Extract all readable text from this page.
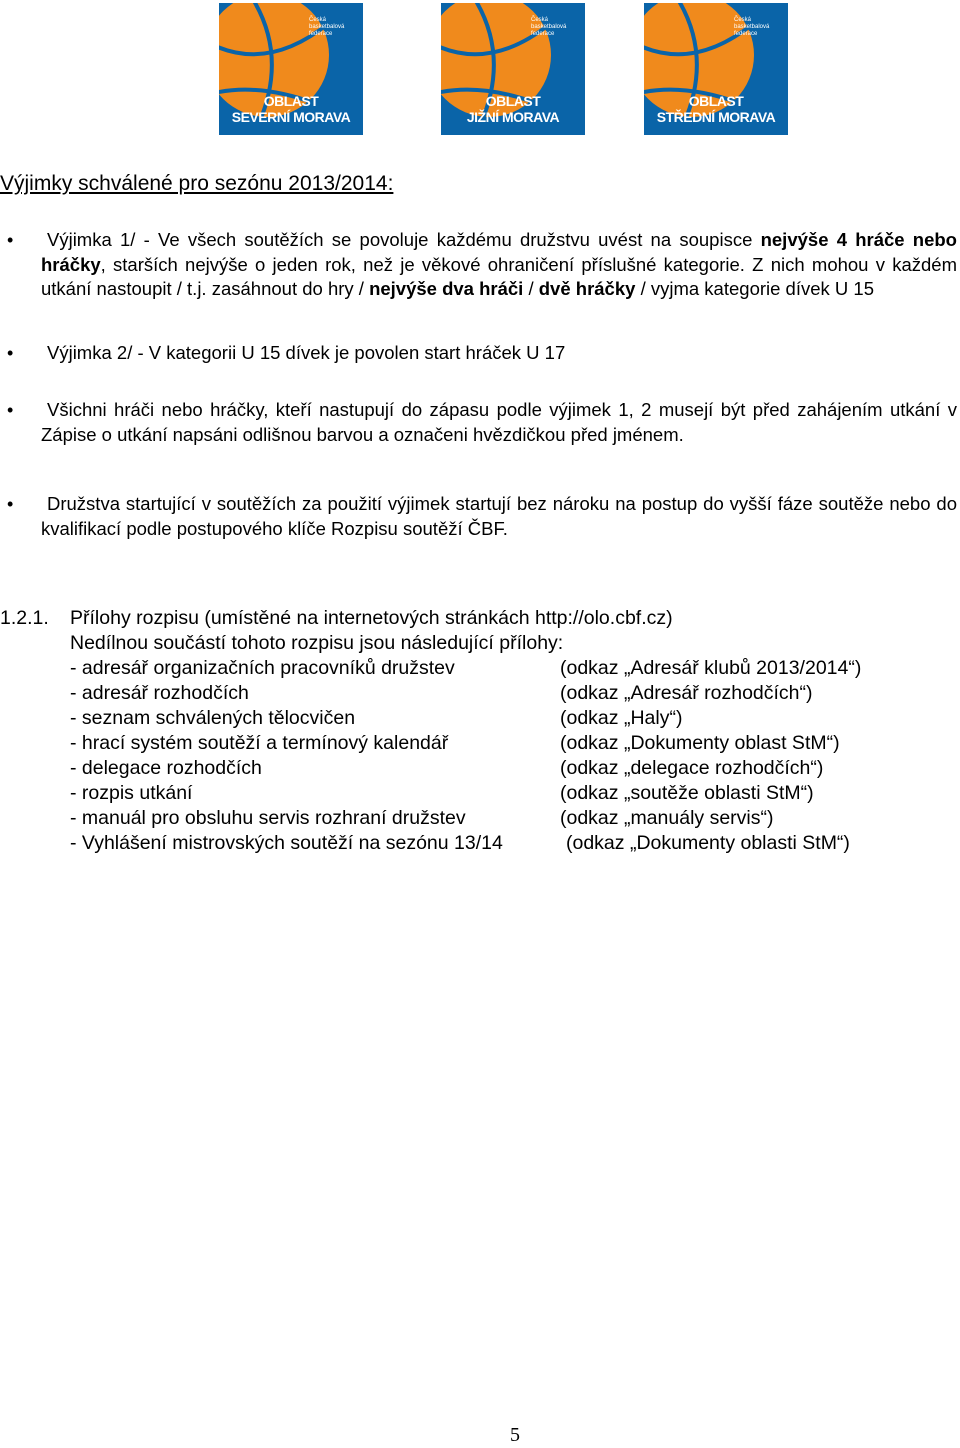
Česká basketbalová federace
OBLAST
SEVERNÍ MORAVA
Česká basketbalová federace
OBLAST
JIŽNÍ MORAVA
Česká basketbalová federace
OBLAST
STŘEDNÍ MORAVA
Výjimky schválené pro sezónu 2013/2014:
•	Výjimka 1/ - Ve všech soutěžích se povoluje každému družstvu uvést na soupisce nejvýše 4 hráče nebo hráčky, starších nejvýše o jeden rok, než je věkové ohraničení příslušné kategorie. Z nich mohou v každém utkání nastoupit / t.j. zasáhnout do hry / nejvýše dva hráči / dvě hráčky / vyjma kategorie dívek U 15
•	Výjimka 2/ - V kategorii U 15 dívek je povolen start hráček U 17
•	Všichni hráči nebo hráčky, kteří nastupují do zápasu podle výjimek 1, 2 musejí být před zahájením utkání v Zápise o utkání napsáni odlišnou barvou a označeni hvězdičkou před jménem.
•	Družstva startující v soutěžích za použití výjimek startují bez nároku na postup do vyšší fáze soutěže nebo do kvalifikací podle postupového klíče Rozpisu soutěží ČBF.
1.2.1. Přílohy rozpisu (umístěné na internetových stránkách http://olo.cbf.cz)
Nedílnou součástí tohoto rozpisu jsou následující přílohy:
- adresář organizačních pracovníků družstev	(odkaz „Adresář klubů 2013/2014“)
- adresář rozhodčích	(odkaz „Adresář rozhodčích“)
- seznam schválených tělocvičen	(odkaz „Haly“)
- hrací systém soutěží a termínový kalendář	(odkaz „Dokumenty oblast StM“)
- delegace rozhodčích	(odkaz „delegace rozhodčích“)
- rozpis utkání	(odkaz „soutěže oblasti StM“)
- manuál pro obsluhu servis rozhraní družstev	(odkaz „manuály servis“)
- Vyhlášení mistrovských soutěží na sezónu 13/14	(odkaz „Dokumenty oblasti StM“)
5
